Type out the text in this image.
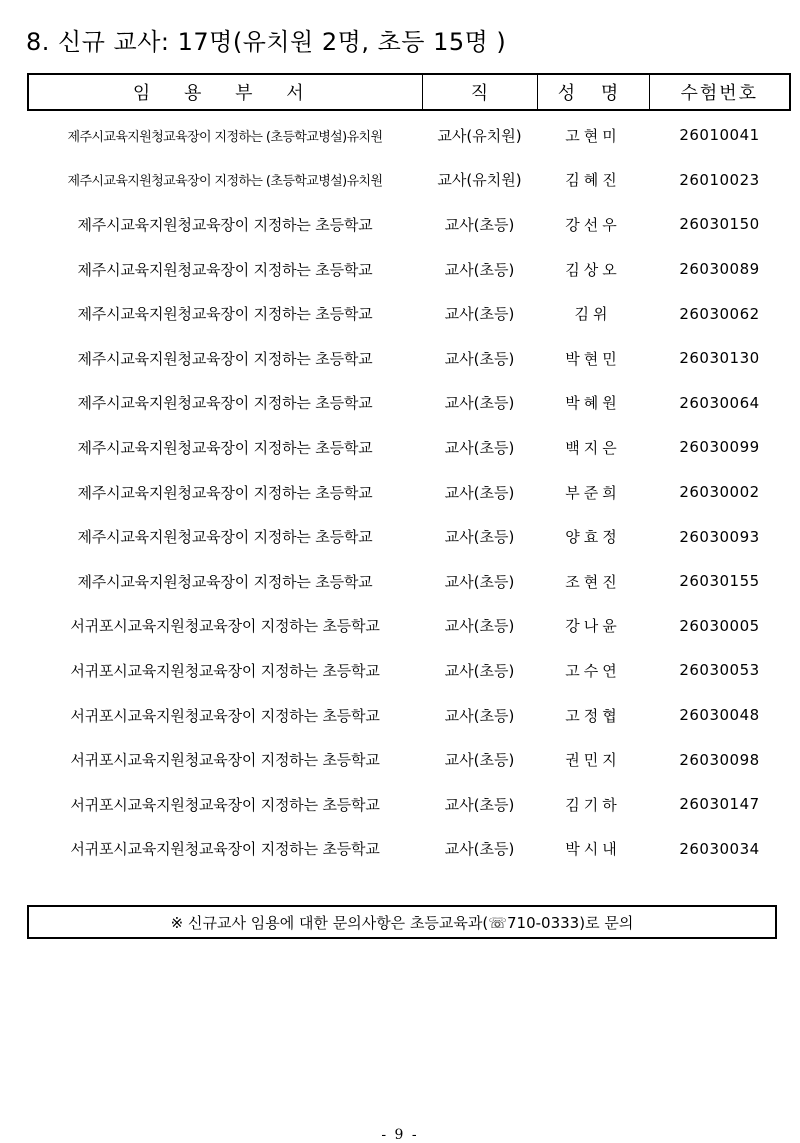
8. 신규 교사: 17명(유치원 2명, 초등 15명 )
임 용 부 서	직	성 명	수험번호
제주시교육지원청교육장이 지정하는 (초등학교병설)유치원	교사(유치원)	고현미	26010041
제주시교육지원청교육장이 지정하는 (초등학교병설)유치원	교사(유치원)	김혜진	26010023
제주시교육지원청교육장이 지정하는 초등학교	교사(초등)	강선우	26030150
제주시교육지원청교육장이 지정하는 초등학교	교사(초등)	김상오	26030089
제주시교육지원청교육장이 지정하는 초등학교	교사(초등)	김위	26030062
제주시교육지원청교육장이 지정하는 초등학교	교사(초등)	박현민	26030130
제주시교육지원청교육장이 지정하는 초등학교	교사(초등)	박혜원	26030064
제주시교육지원청교육장이 지정하는 초등학교	교사(초등)	백지은	26030099
제주시교육지원청교육장이 지정하는 초등학교	교사(초등)	부준희	26030002
제주시교육지원청교육장이 지정하는 초등학교	교사(초등)	양효정	26030093
제주시교육지원청교육장이 지정하는 초등학교	교사(초등)	조현진	26030155
서귀포시교육지원청교육장이 지정하는 초등학교	교사(초등)	강나윤	26030005
서귀포시교육지원청교육장이 지정하는 초등학교	교사(초등)	고수연	26030053
서귀포시교육지원청교육장이 지정하는 초등학교	교사(초등)	고정협	26030048
서귀포시교육지원청교육장이 지정하는 초등학교	교사(초등)	권민지	26030098
서귀포시교육지원청교육장이 지정하는 초등학교	교사(초등)	김기하	26030147
서귀포시교육지원청교육장이 지정하는 초등학교	교사(초등)	박시내	26030034
※ 신규교사 임용에 대한 문의사항은 초등교육과(☏710-0333)로 문의
- 9 -
